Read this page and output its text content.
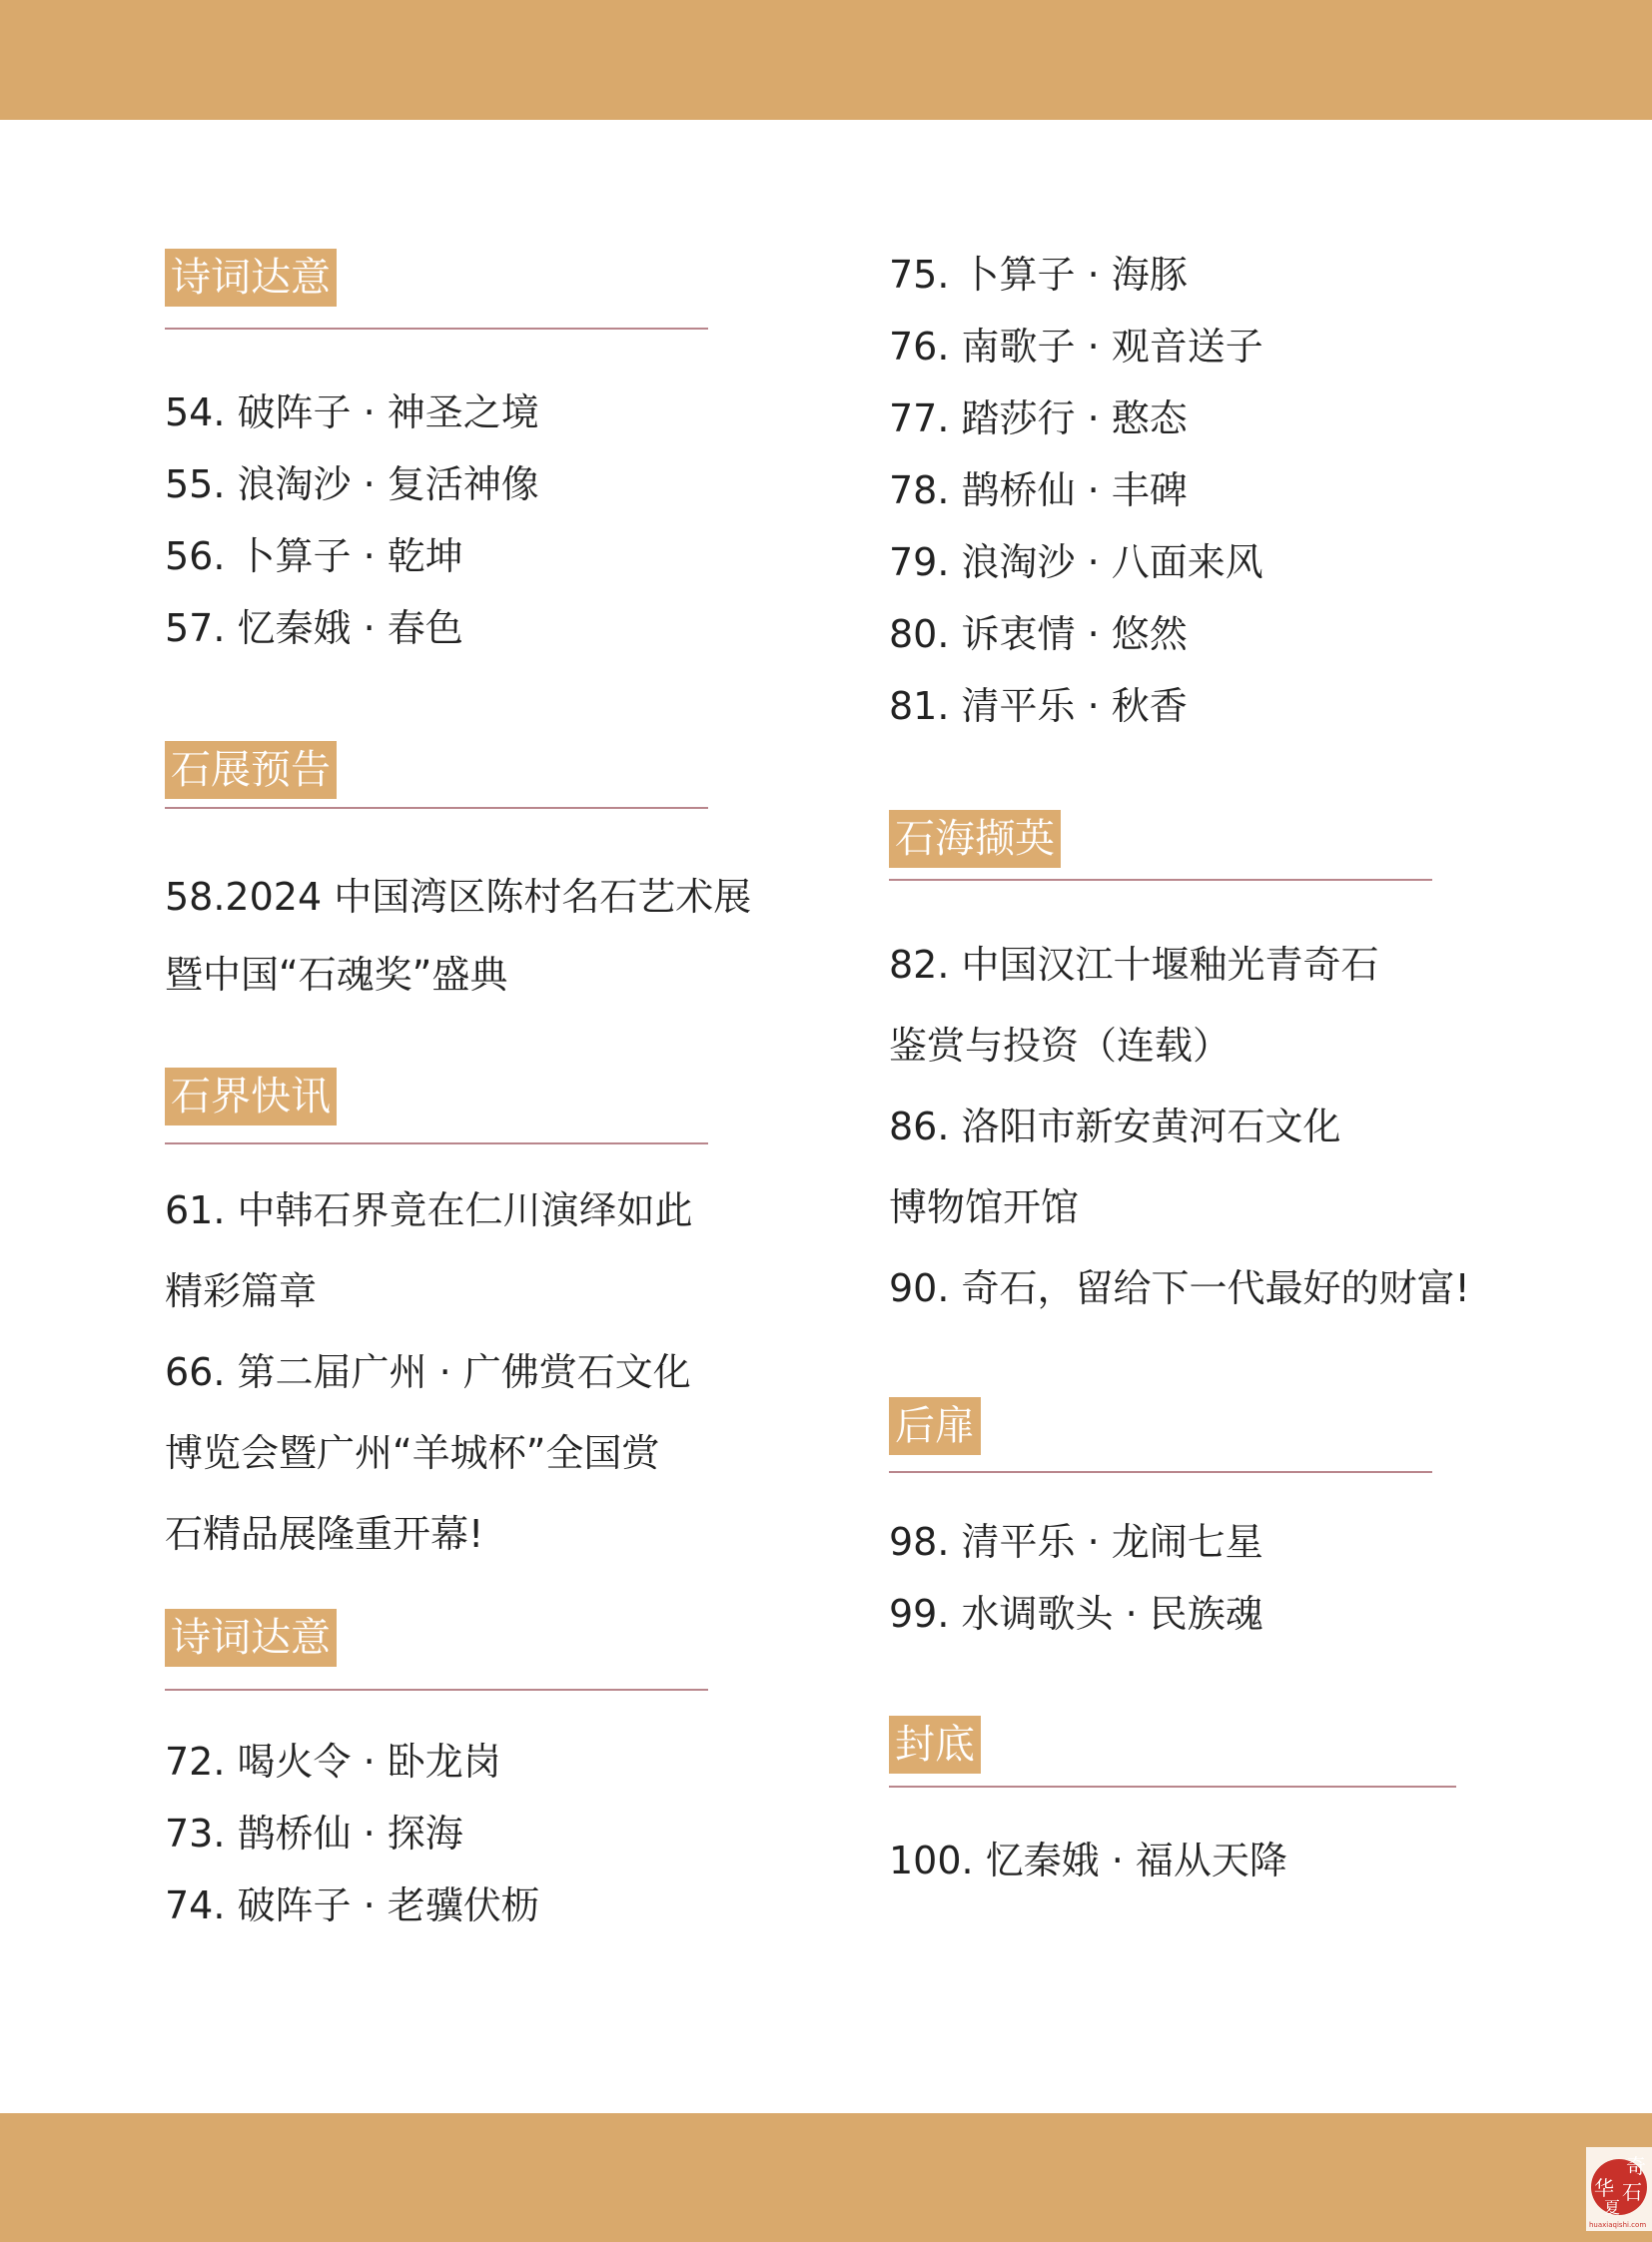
诗词达意
54. 破阵子 · 神圣之境
55. 浪淘沙 · 复活神像
56. 卜算子 · 乾坤
57. 忆秦娥 · 春色
石展预告
58.2024 中国湾区陈村名石艺术展
暨中国“石魂奖”盛典
石界快讯
61. 中韩石界竟在仁川演绎如此
精彩篇章
66. 第二届广州 · 广佛赏石文化
博览会暨广州“羊城杯”全国赏
石精品展隆重开幕!
诗词达意
72. 喝火令 · 卧龙岗
73. 鹊桥仙 · 探海
74. 破阵子 · 老骥伏枥
75. 卜算子 · 海豚
76. 南歌子 · 观音送子
77. 踏莎行 · 憨态
78. 鹊桥仙 · 丰碑
79. 浪淘沙 · 八面来风
80. 诉衷情 · 悠然
81. 清平乐 · 秋香
石海撷英
82. 中国汉江十堰釉光青奇石
鉴赏与投资（连载）
86. 洛阳市新安黄河石文化
博物馆开馆
90. 奇石，留给下一代最好的财富!
后扉
98. 清平乐 · 龙闹七星
99. 水调歌头 · 民族魂
封底
100. 忆秦娥 · 福从天降
奇
华 石
夏
huaxiaqishi.com
